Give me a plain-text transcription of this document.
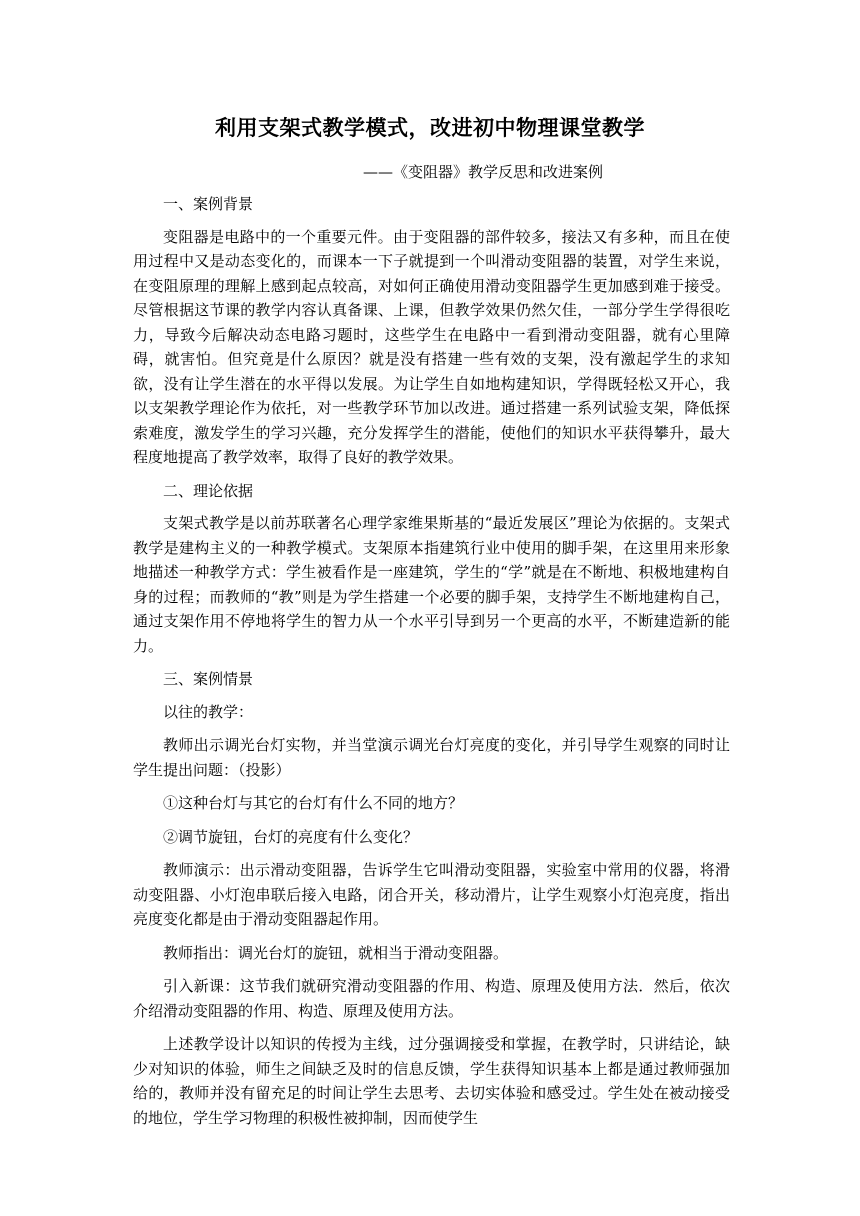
利用支架式教学模式，改进初中物理课堂教学

——《变阻器》教学反思和改进案例

一、案例背景

变阻器是电路中的一个重要元件。由于变阻器的部件较多，接法又有多种，而且在使用过程中又是动态变化的，而课本一下子就提到一个叫滑动变阻器的装置，对学生来说，在变阻原理的理解上感到起点较高，对如何正确使用滑动变阻器学生更加感到难于接受。尽管根据这节课的教学内容认真备课、上课，但教学效果仍然欠佳，一部分学生学得很吃力，导致今后解决动态电路习题时，这些学生在电路中一看到滑动变阻器，就有心里障碍，就害怕。但究竟是什么原因？就是没有搭建一些有效的支架，没有激起学生的求知欲，没有让学生潜在的水平得以发展。为让学生自如地构建知识，学得既轻松又开心，我以支架教学理论作为依托，对一些教学环节加以改进。通过搭建一系列试验支架，降低探索难度，激发学生的学习兴趣，充分发挥学生的潜能，使他们的知识水平获得攀升，最大程度地提高了教学效率，取得了良好的教学效果。

二、理论依据

支架式教学是以前苏联著名心理学家维果斯基的“最近发展区”理论为依据的。支架式教学是建构主义的一种教学模式。支架原本指建筑行业中使用的脚手架，在这里用来形象地描述一种教学方式：学生被看作是一座建筑，学生的“学”就是在不断地、积极地建构自身的过程；而教师的“教”则是为学生搭建一个必要的脚手架，支持学生不断地建构自己，通过支架作用不停地将学生的智力从一个水平引导到另一个更高的水平，不断建造新的能力。

三、案例情景

以往的教学：

教师出示调光台灯实物，并当堂演示调光台灯亮度的变化，并引导学生观察的同时让学生提出问题：（投影）

①这种台灯与其它的台灯有什么不同的地方？

②调节旋钮，台灯的亮度有什么变化？

教师演示：出示滑动变阻器，告诉学生它叫滑动变阻器，实验室中常用的仪器，将滑动变阻器、小灯泡串联后接入电路，闭合开关，移动滑片，让学生观察小灯泡亮度，指出亮度变化都是由于滑动变阻器起作用。

教师指出：调光台灯的旋钮，就相当于滑动变阻器。

引入新课：这节我们就研究滑动变阻器的作用、构造、原理及使用方法．然后，依次介绍滑动变阻器的作用、构造、原理及使用方法。

上述教学设计以知识的传授为主线，过分强调接受和掌握，在教学时，只讲结论，缺少对知识的体验，师生之间缺乏及时的信息反馈，学生获得知识基本上都是通过教师强加给的，教师并没有留充足的时间让学生去思考、去切实体验和感受过。学生处在被动接受的地位，学生学习物理的积极性被抑制，因而使学生
